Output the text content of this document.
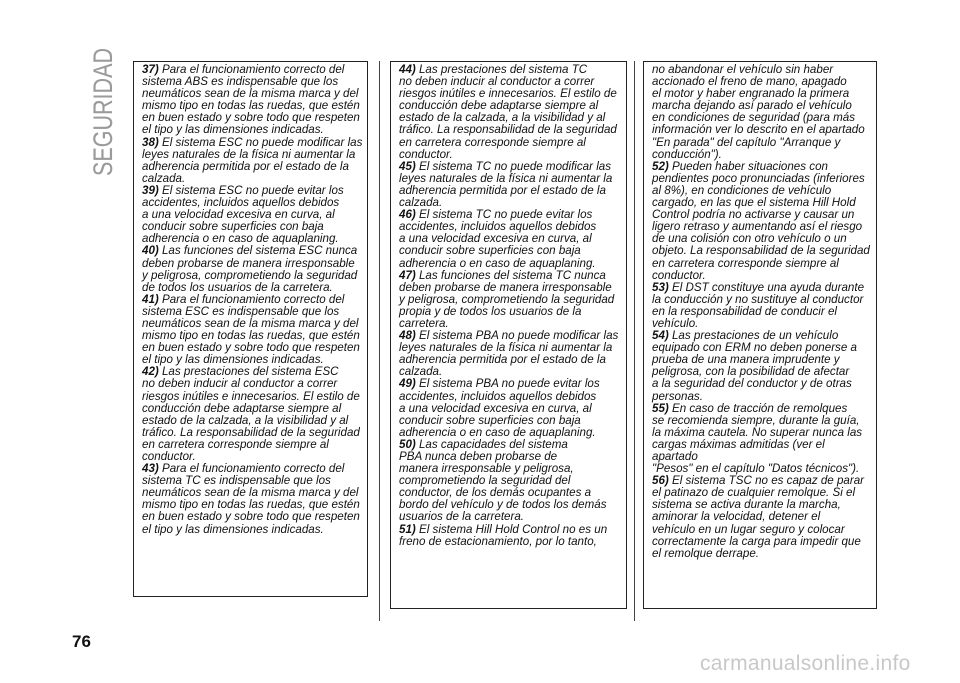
SEGURIDAD 37) Para el funcionamiento correcto del
sistema ABS es indispensable que los
neumáticos sean de la misma marca y del
mismo tipo en todas las ruedas, que estén
en buen estado y sobre todo que respeten
el tipo y las dimensiones indicadas.

38) El sistema ESC no puede modificar las
leyes naturales de la física ni aumentar la
adherencia permitida por el estado de la
calzada.

39) El sistema ESC no puede evitar los
accidentes, incluidos aquellos debidos
a una velocidad excesiva en curva, al
conducir sobre superficies con baja
adherencia o en caso de aquaplaning.

40) Las funciones del sistema ESC nunca
deben probarse de manera irresponsable
y peligrosa, comprometiendo la seguridad
de todos los usuarios de la carretera.

41) Para el funcionamiento correcto del
sistema ESC es indispensable que los
neumáticos sean de la misma marca y del
mismo tipo en todas las ruedas, que estén
en buen estado y sobre todo que respeten
el tipo y las dimensiones indicadas.

42) Las prestaciones del sistema ESC
no deben inducir al conductor a correr
riesgos inútiles e innecesarios. El estilo de
conducción debe adaptarse siempre al
estado de la calzada, a la visibilidad y al
tráfico. La responsabilidad de la seguridad
en carretera corresponde siempre al
conductor.

43) Para el funcionamiento correcto del
sistema TC es indispensable que los
neumáticos sean de la misma marca y del
mismo tipo en todas las ruedas, que estén
en buen estado y sobre todo que respeten
el tipo y las dimensiones indicadas.

44) Las prestaciones del sistema TC
no deben inducir al conductor a correr
riesgos inútiles e innecesarios. El estilo de
conducción debe adaptarse siempre al
estado de la calzada, a la visibilidad y al
tráfico. La responsabilidad de la seguridad
en carretera corresponde siempre al
conductor.

45) El sistema TC no puede modificar las
leyes naturales de la física ni aumentar la
adherencia permitida por el estado de la
calzada.

46) El sistema TC no puede evitar los
accidentes, incluidos aquellos debidos
a una velocidad excesiva en curva, al
conducir sobre superficies con baja
adherencia o en caso de aquaplaning.

47) Las funciones del sistema TC nunca
deben probarse de manera irresponsable
y peligrosa, comprometiendo la seguridad
propia y de todos los usuarios de la
carretera.

48) El sistema PBA no puede modificar las
leyes naturales de la física ni aumentar la
adherencia permitida por el estado de la
calzada.

49) El sistema PBA no puede evitar los
accidentes, incluidos aquellos debidos
a una velocidad excesiva en curva, al
conducir sobre superficies con baja
adherencia o en caso de aquaplaning.

50) Las capacidades del sistema
PBA nunca deben probarse de
manera irresponsable y peligrosa,
comprometiendo la seguridad del
conductor, de los demás ocupantes a
bordo del vehículo y de todos los demás
usuarios de la carretera.

51) El sistema Hill Hold Control no es un
freno de estacionamiento, por lo tanto,

no abandonar el vehículo sin haber
accionado el freno de mano, apagado
el motor y haber engranado la primera
marcha dejando así parado el vehículo
en condiciones de seguridad (para más
información ver lo descrito en el apartado
"En parada" del capítulo "Arranque y
conducción").

52) Pueden haber situaciones con
pendientes poco pronunciadas (inferiores
al 8%), en condiciones de vehículo
cargado, en las que el sistema Hill Hold
Control podría no activarse y causar un
ligero retraso y aumentando así el riesgo
de una colisión con otro vehículo o un
objeto. La responsabilidad de la seguridad
en carretera corresponde siempre al
conductor.

53) El DST constituye una ayuda durante
la conducción y no sustituye al conductor
en la responsabilidad de conducir el
vehículo.

54) Las prestaciones de un vehículo
equipado con ERM no deben ponerse a
prueba de una manera imprudente y
peligrosa, con la posibilidad de afectar
a la seguridad del conductor y de otras
personas.

55) En caso de tracción de remolques
se recomienda siempre, durante la guía,
la máxima cautela. No superar nunca las
cargas máximas admitidas (ver el apartado
"Pesos" en el capítulo "Datos técnicos").

56) El sistema TSC no es capaz de parar
el patinazo de cualquier remolque. Si el
sistema se activa durante la marcha,
aminorar la velocidad, detener el
vehículo en un lugar seguro y colocar
correctamente la carga para impedir que
el remolque derrape.

76
carmanualsonline.info
